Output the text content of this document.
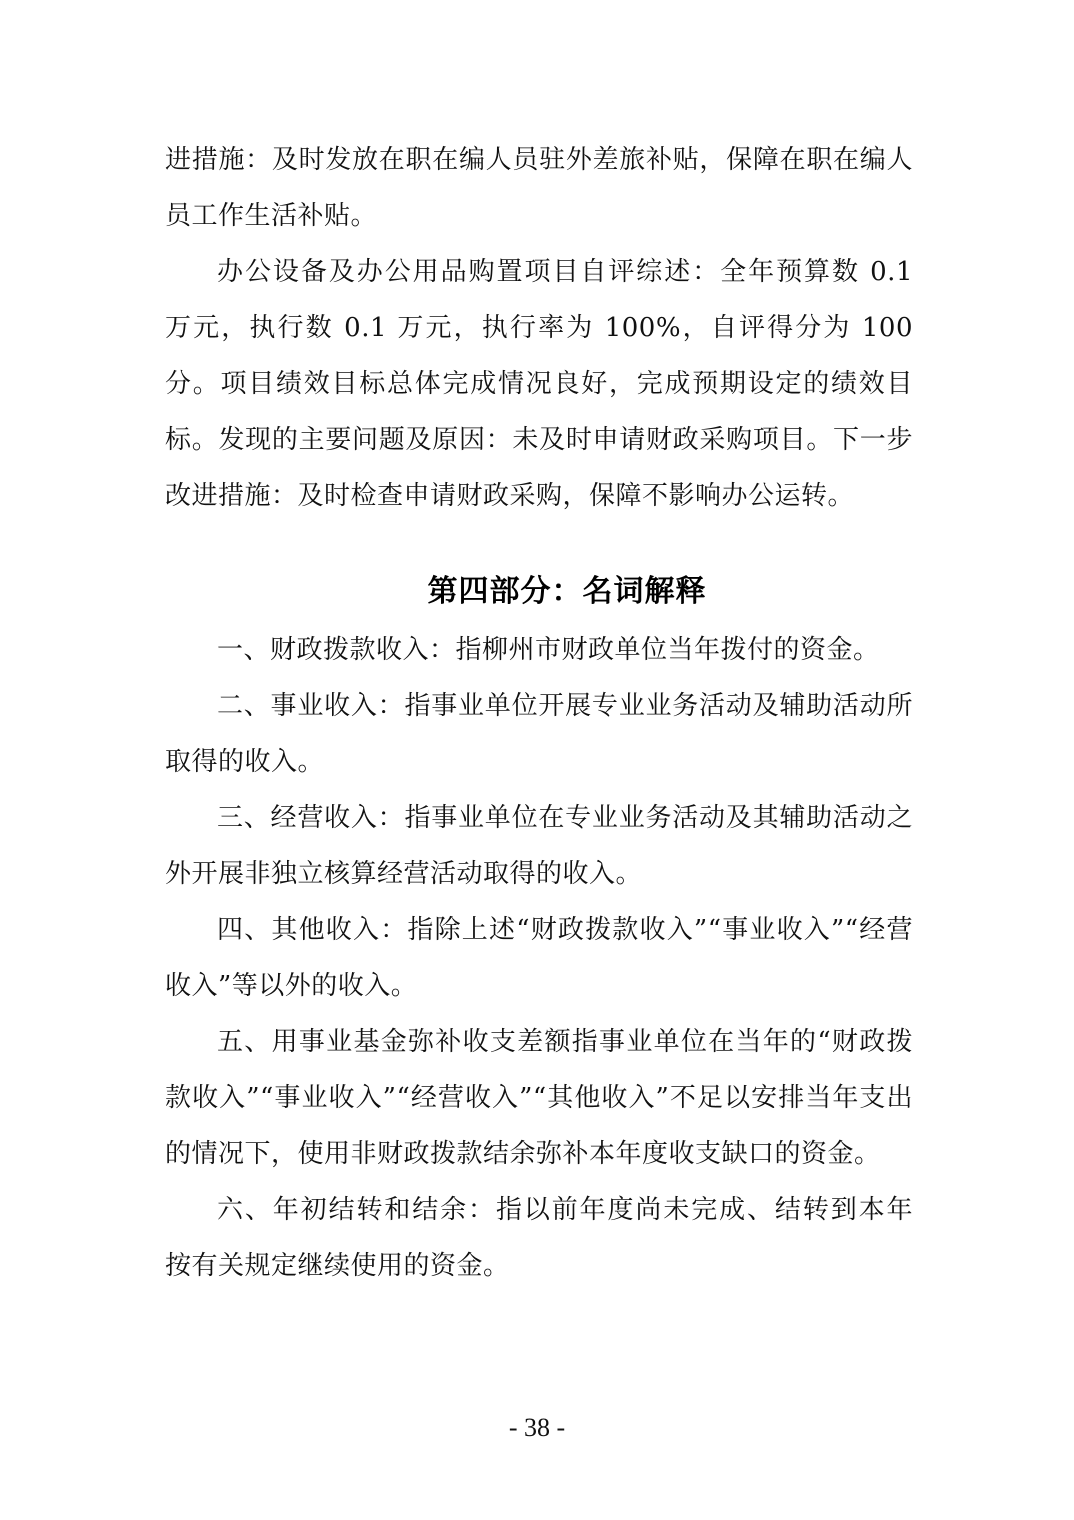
进措施：及时发放在职在编人员驻外差旅补贴，保障在职在编人员工作生活补贴。

办公设备及办公用品购置项目自评综述：全年预算数 0.1 万元，执行数 0.1 万元，执行率为 100%，自评得分为 100 分。项目绩效目标总体完成情况良好，完成预期设定的绩效目标。发现的主要问题及原因：未及时申请财政采购项目。下一步改进措施：及时检查申请财政采购，保障不影响办公运转。

第四部分：名词解释

一、财政拨款收入：指柳州市财政单位当年拨付的资金。

二、事业收入：指事业单位开展专业业务活动及辅助活动所取得的收入。

三、经营收入：指事业单位在专业业务活动及其辅助活动之外开展非独立核算经营活动取得的收入。

四、其他收入：指除上述“财政拨款收入”“事业收入”“经营收入”等以外的收入。

五、用事业基金弥补收支差额指事业单位在当年的“财政拨款收入”“事业收入”“经营收入”“其他收入”不足以安排当年支出的情况下，使用非财政拨款结余弥补本年度收支缺口的资金。

六、年初结转和结余：指以前年度尚未完成、结转到本年 按有关规定继续使用的资金。

- 38 -
